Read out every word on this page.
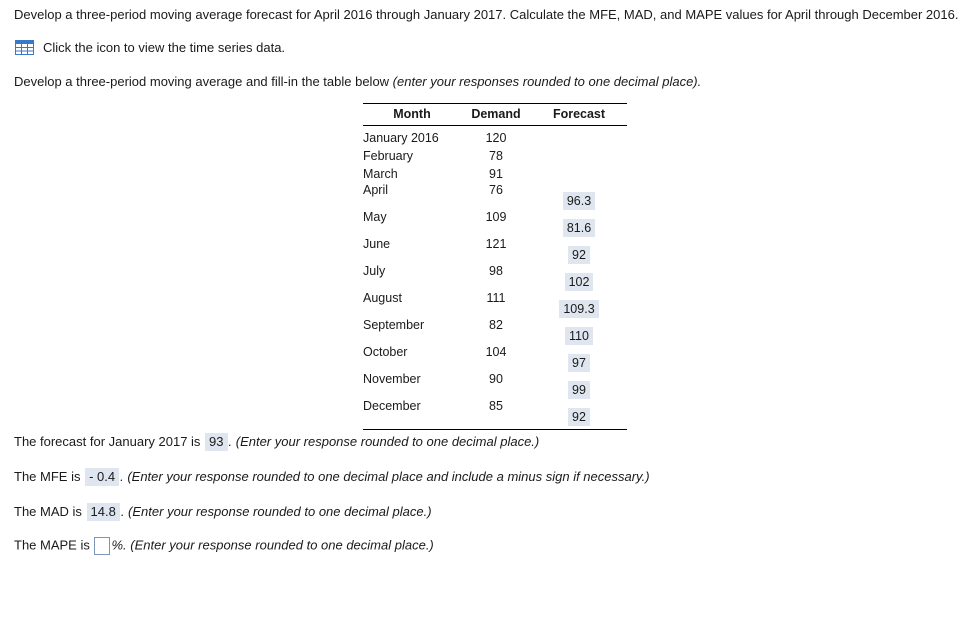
Develop a three-period moving average forecast for April 2016 through January 2017. Calculate the MFE, MAD, and MAPE values for April through December 2016.
Click the icon to view the time series data.
Develop a three-period moving average and fill-in the table below (enter your responses rounded to one decimal place).
Month	Demand	Forecast
January 2016	120	
February	78	
March	91	
April	76	96.3
May	109	81.6
June	121	92
July	98	102
August	111	109.3
September	82	110
October	104	97
November	90	99
December	85	92
The forecast for January 2017 is 93 . (Enter your response rounded to one decimal place.)
The MFE is - 0.4 . (Enter your response rounded to one decimal place and include a minus sign if necessary.)
The MAD is 14.8 . (Enter your response rounded to one decimal place.)
The MAPE is %. (Enter your response rounded to one decimal place.)
